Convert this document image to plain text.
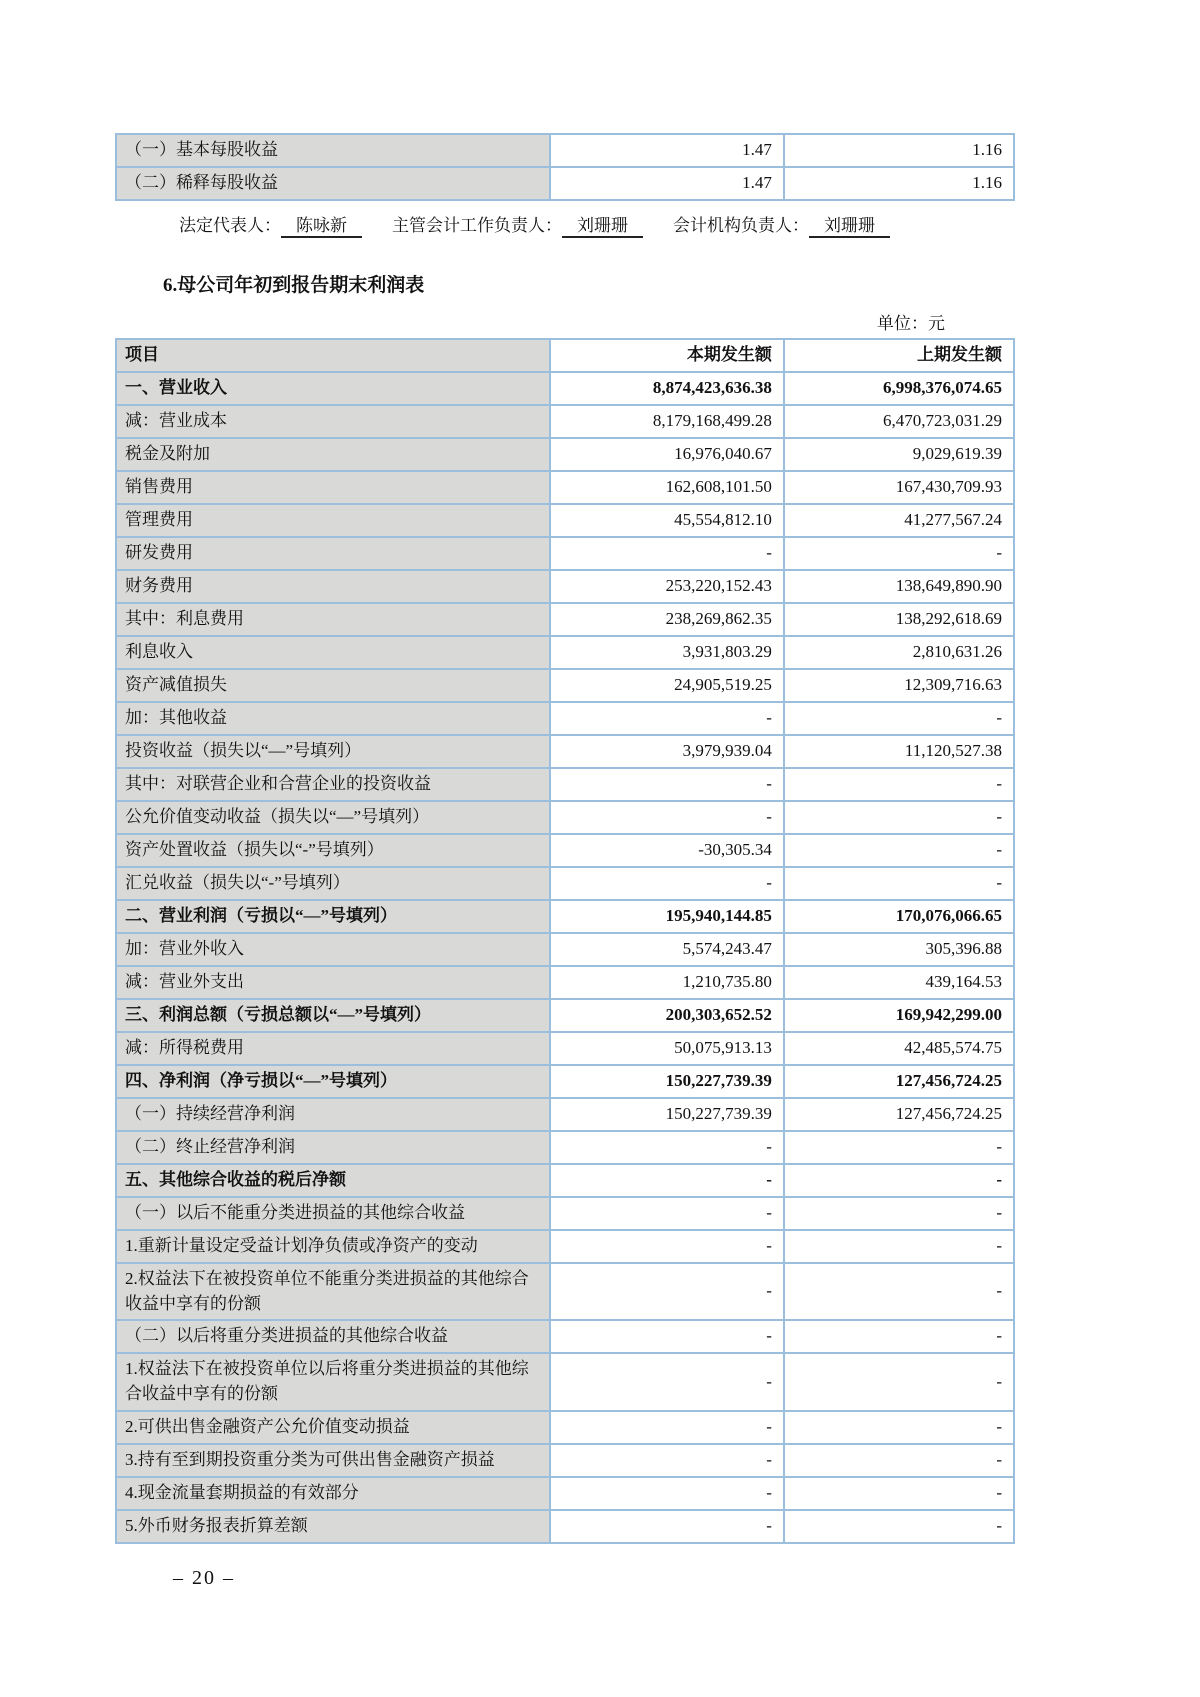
（一）基本每股收益	1.47	1.16
（二）稀释每股收益	1.47	1.16
法定代表人： 陈咏新	主管会计工作负责人： 刘珊珊	会计机构负责人： 刘珊珊
6.母公司年初到报告期末利润表
单位：元
项目	本期发生额	上期发生额
一、营业收入	8,874,423,636.38	6,998,376,074.65
减：营业成本	8,179,168,499.28	6,470,723,031.29
税金及附加	16,976,040.67	9,029,619.39
销售费用	162,608,101.50	167,430,709.93
管理费用	45,554,812.10	41,277,567.24
研发费用	-	-
财务费用	253,220,152.43	138,649,890.90
其中：利息费用	238,269,862.35	138,292,618.69
利息收入	3,931,803.29	2,810,631.26
资产减值损失	24,905,519.25	12,309,716.63
加：其他收益	-	-
投资收益（损失以“—”号填列）	3,979,939.04	11,120,527.38
其中：对联营企业和合营企业的投资收益	-	-
公允价值变动收益（损失以“—”号填列）	-	-
资产处置收益（损失以“-”号填列）	-30,305.34	-
汇兑收益（损失以“-”号填列）	-	-
二、营业利润（亏损以“—”号填列）	195,940,144.85	170,076,066.65
加：营业外收入	5,574,243.47	305,396.88
减：营业外支出	1,210,735.80	439,164.53
三、利润总额（亏损总额以“—”号填列）	200,303,652.52	169,942,299.00
减：所得税费用	50,075,913.13	42,485,574.75
四、净利润（净亏损以“—”号填列）	150,227,739.39	127,456,724.25
（一）持续经营净利润	150,227,739.39	127,456,724.25
（二）终止经营净利润	-	-
五、其他综合收益的税后净额	-	-
（一）以后不能重分类进损益的其他综合收益	-	-
1.重新计量设定受益计划净负债或净资产的变动	-	-
2.权益法下在被投资单位不能重分类进损益的其他综合收益中享有的份额	-	-
（二）以后将重分类进损益的其他综合收益	-	-
1.权益法下在被投资单位以后将重分类进损益的其他综合收益中享有的份额	-	-
2.可供出售金融资产公允价值变动损益	-	-
3.持有至到期投资重分类为可供出售金融资产损益	-	-
4.现金流量套期损益的有效部分	-	-
5.外币财务报表折算差额	-	-
– 20 –
